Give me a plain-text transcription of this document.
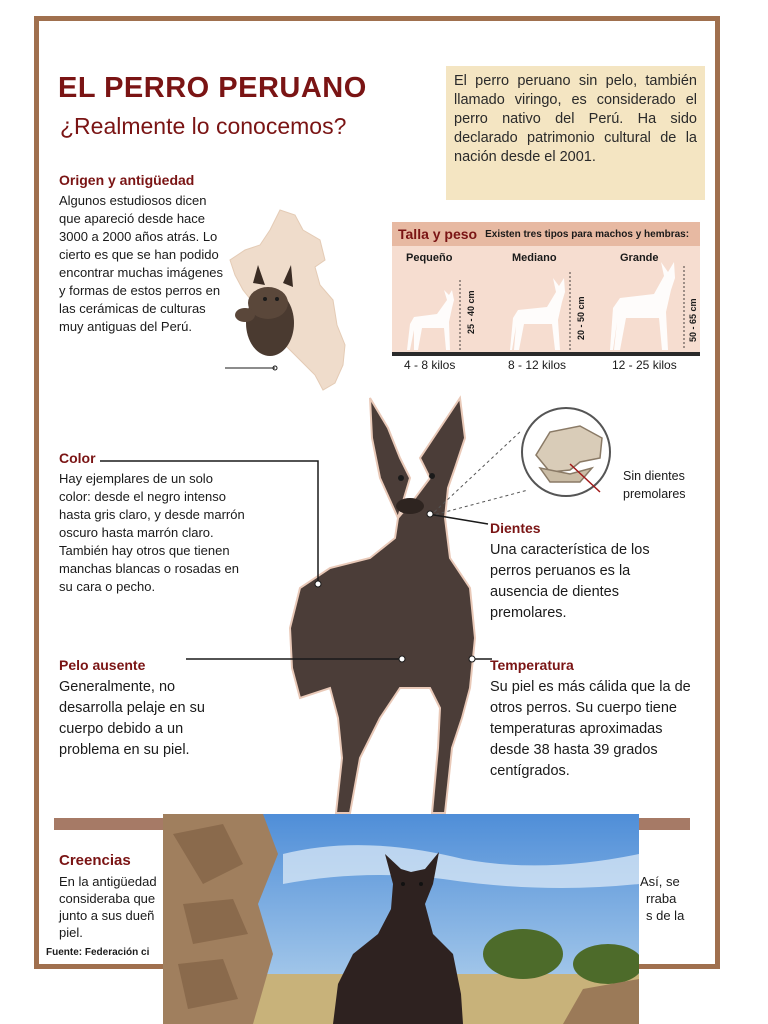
EL PERRO PERUANO
¿Realmente lo conocemos?
El perro peruano sin pelo, también llamado viringo, es considerado el perro nativo del Perú. Ha sido declarado patrimonio cultural de la nación desde el 2001.
Origen y antigüedad
Algunos estudiosos dicen que apareció desde hace 3000 a 2000 años atrás. Lo cierto es que se han podido encontrar muchas imágenes y formas de estos perros en las cerámicas de culturas muy antiguas del Perú.
Talla y peso Existen tres tipos para machos y hembras:
Pequeño	Mediano	Grande
25 - 40 cm	20 - 50 cm	50 - 65 cm
4 - 8 kilos	8 - 12 kilos	12 - 25 kilos
Sin dientes premolares
Color
Hay ejemplares de un solo color: desde el negro intenso hasta gris claro, y desde marrón oscuro hasta marrón claro. También hay otros que tienen manchas blancas o rosadas en su cara o pecho.
Dientes
Una característica de los perros peruanos es la ausencia de dientes premolares.
Pelo ausente
Generalmente, no desarrolla pelaje en su cuerpo debido a un problema en su piel.
Temperatura
Su piel es más cálida que la de otros perros. Su cuerpo tiene temperaturas aproximadas desde 38 hasta 39 grados centígrados.
Creencias
En la antigüedad
consideraba que
junto a sus dueñ
piel.
Así, se
rraba
s de la
Fuente: Federación ci
